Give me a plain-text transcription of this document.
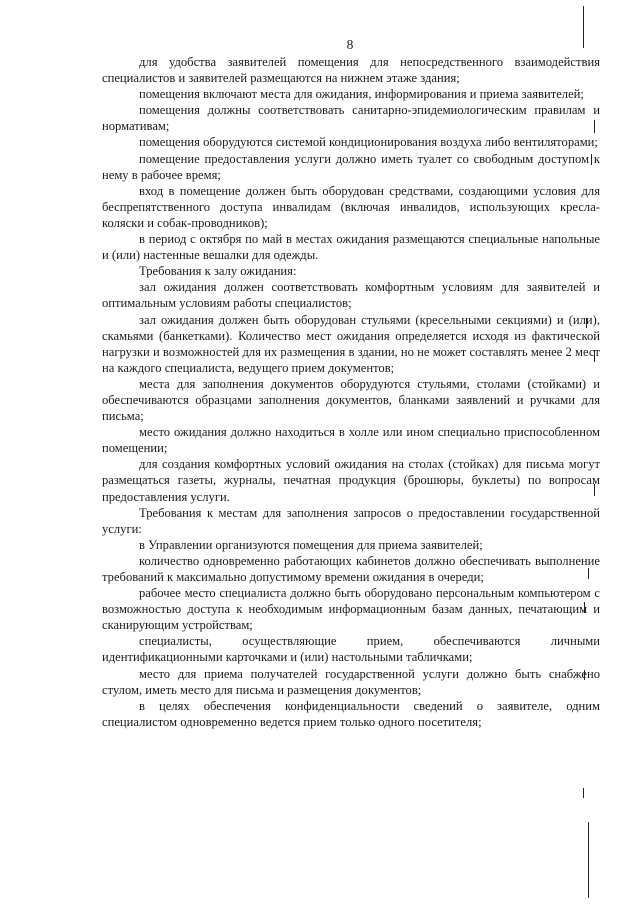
8

для удобства заявителей помещения для непосредственного взаимодействия специалистов и заявителей размещаются на нижнем этаже здания;

помещения включают места для ожидания, информирования и приема заявителей;

помещения должны соответствовать санитарно-эпидемиологическим правилам и нормативам;

помещения оборудуются системой кондиционирования воздуха либо вентиляторами;

помещение предоставления услуги должно иметь туалет со свободным доступом к нему в рабочее время;

вход в помещение должен быть оборудован средствами, создающими условия для беспрепятственного доступа инвалидам (включая инвалидов, использующих кресла-коляски и собак-проводников);

в период с октября по май в местах ожидания размещаются специальные напольные и (или) настенные вешалки для одежды.

Требования к залу ожидания:

зал ожидания должен соответствовать комфортным условиям для заявителей и оптимальным условиям работы специалистов;

зал ожидания должен быть оборудован стульями (кресельными секциями) и (или), скамьями (банкетками). Количество мест ожидания определяется исходя из фактической нагрузки и возможностей для их размещения в здании, но не может составлять менее 2 мест на каждого специалиста, ведущего прием документов;

места для заполнения документов оборудуются стульями, столами (стойками) и обеспечиваются образцами заполнения документов, бланками заявлений и ручками для письма;

место ожидания должно находиться в холле или ином специально приспособленном помещении;

для создания комфортных условий ожидания на столах (стойках) для письма могут размещаться газеты, журналы, печатная продукция (брошюры, буклеты) по вопросам предоставления услуги.

Требования к местам для заполнения запросов о предоставлении государственной услуги:

в Управлении организуются помещения для приема заявителей;

количество одновременно работающих кабинетов должно обеспечивать выполнение требований к максимально допустимому времени ожидания в очереди;

рабочее место специалиста должно быть оборудовано персональным компьютером с возможностью доступа к необходимым информационным базам данных, печатающим и сканирующим устройствам;

специалисты, осуществляющие прием, обеспечиваются личными идентификационными карточками и (или) настольными табличками;

место для приема получателей государственной услуги должно быть снабжено стулом, иметь место для письма и размещения документов;

в целях обеспечения конфиденциальности сведений о заявителе, одним специалистом одновременно ведется прием только одного посетителя;
